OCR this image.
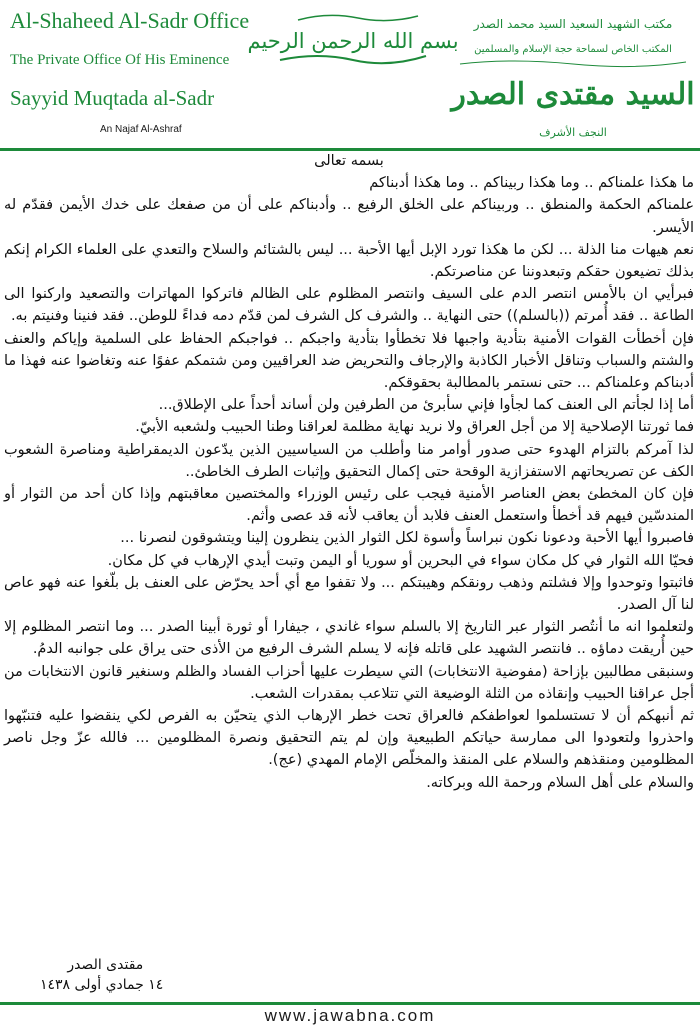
Al-Shaheed Al-Sadr Office
The Private Office Of His Eminence
Sayyid Muqtada al-Sadr
An Najaf Al-Ashraf
بسم الله الرحمن الرحيم
مكتب الشهيد السعيد السيد محمد الصدر
المكتب الخاص لسماحة حجة الإسلام والمسلمين
السيد مقتدى الصدر
النجف الأشرف

بسمه تعالى

ما هكذا علمناكم .. وما هكذا ربيناكم .. وما هكذا أدبناكم

علمناكم الحكمة والمنطق .. وربيناكم على الخلق الرفيع .. وأدبناكم على أن من صفعك على خدك الأيمن فقدّم له الأيسر.

نعم هيهات منا الذلة ... لكن ما هكذا تورد الإبل أيها الأحبة ... ليس بالشتائم والسلاح والتعدي على العلماء الكرام إنكم بذلك تضيعون حقكم وتبعدوننا عن مناصرتكم.

فبرأيي ان بالأمس انتصر الدم على السيف وانتصر المظلوم على الظالم فاتركوا المهاترات والتصعيد واركنوا الى الطاعة .. فقد أُمرتم ((بالسلم)) حتى النهاية .. والشرف كل الشرف لمن قدّم دمه فداءً للوطن.. فقد فنينا وفنيتم به.

فإن أخطأت القوات الأمنية بتأدية واجبها فلا تخطأوا بتأدية واجبكم .. فواجبكم الحفاظ على السلمية وإياكم والعنف والشتم والسباب وتناقل الأخبار الكاذبة والإرجاف والتحريض ضد العراقيين ومن شتمكم عفوًا عنه وتغاضوا عنه فهذا ما أدبناكم وعلمناكم ... حتى نستمر بالمطالبة بحقوقكم.

أما إذا لجأتم الى العنف كما لجأوا فإني سأبرئ من الطرفين ولن أساند أحداً على الإطلاق...

فما ثورتنا الإصلاحية إلا من أجل العراق ولا نريد نهاية مظلمة لعراقنا وطنا الحبيب ولشعبه الأبيّ.

لذا آمركم بالتزام الهدوء حتى صدور أوامر منا وأطلب من السياسيين الذين يدّعون الديمقراطية ومناصرة الشعوب الكف عن تصريحاتهم الاستفزازية الوقحة حتى إكمال التحقيق وإثبات الطرف الخاطئ..

فإن كان المخطئ بعض العناصر الأمنية فيجب على رئيس الوزراء والمختصين معاقبتهم وإذا كان أحد من الثوار أو المندسّين فيهم قد أخطأ واستعمل العنف فلابد أن يعاقب لأنه قد عصى وأثم.

فاصبروا أيها الأحبة ودعونا نكون نبراساً وأسوة لكل الثوار الذين ينظرون إلينا ويتشوقون لنصرنا ...

فحيّا الله الثوار في كل مكان سواء في البحرين أو سوريا أو اليمن وتبت أيدي الإرهاب في كل مكان.

فاثبتوا وتوحدوا وإلا فشلتم وذهب رونقكم وهيبتكم ... ولا تقفوا مع أي أحد يحرّض على العنف بل بلّغوا عنه فهو عاص لنا آل الصدر.

ولتعلموا انه ما أنتُصر الثوار عبر التاريخ إلا بالسلم سواء غاندي ، جيفارا أو ثورة أبينا الصدر ... وما انتصر المظلوم إلا حين أُريقت دماؤه .. فانتصر الشهيد على قاتله فإنه لا يسلم الشرف الرفيع من الأذى حتى يراق على جوانبه الدمُ.

وسنبقى مطالبين بإزاحة (مفوضية الانتخابات) التي سيطرت عليها أحزاب الفساد والظلم وسنغير قانون الانتخابات من أجل عراقنا الحبيب وإنقاذه من الثلة الوضيعة التي تتلاعب بمقدرات الشعب.

ثم أنبهكم أن لا تستسلموا لعواطفكم فالعراق تحت خطر الإرهاب الذي يتحيّن به الفرص لكي ينقضوا عليه فتنبّهوا واحذروا ولتعودوا الى ممارسة حياتكم الطبيعية وإن لم يتم التحقيق ونصرة المظلومين ... فالله عزّ وجل ناصر المظلومين ومنقذهم والسلام على المنقذ والمخلّص الإمام المهدي (عج).

والسلام على أهل السلام ورحمة الله وبركاته.

مقتدى الصدر
١٤ جمادي أولى ١٤٣٨
www.jawabna.com
